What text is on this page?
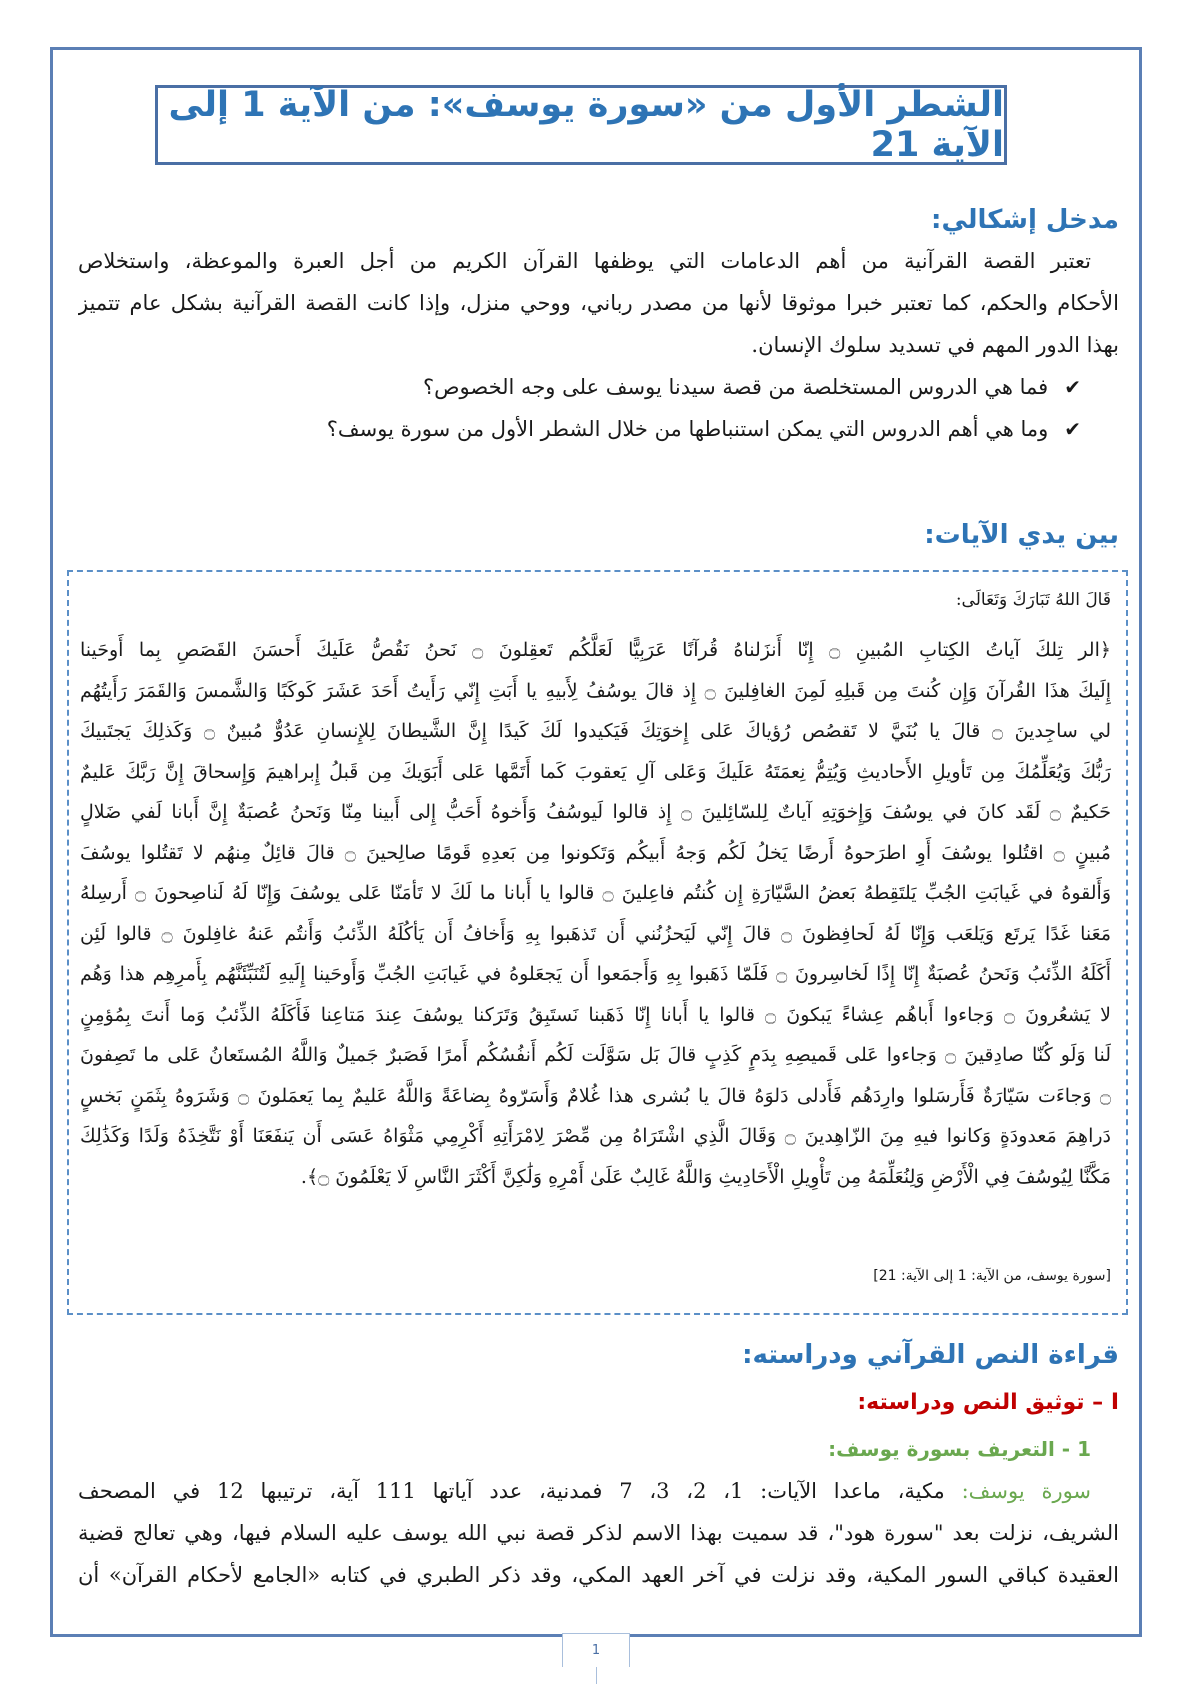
الشطر الأول من «سورة يوسف»: من الآية 1 إلى الآية 21
مدخل إشكالي:
تعتبر القصة القرآنية من أهم الدعامات التي يوظفها القرآن الكريم من أجل العبرة والموعظة، واستخلاص
الأحكام والحكم، كما تعتبر خبرا موثوقا لأنها من مصدر رباني، ووحي منزل، وإذا كانت القصة القرآنية بشكل عام تتميز
بهذا الدور المهم في تسديد سلوك الإنسان.
✔
فما هي الدروس المستخلصة من قصة سيدنا يوسف على وجه الخصوص؟
✔
وما هي أهم الدروس التي يمكن استنباطها من خلال الشطر الأول من سورة يوسف؟
بين يدي الآيات:
قَالَ اللهُ تَبَارَكَ وَتَعَالَى:
﴿الر تِلكَ آياتُ الكِتابِ المُبينِ ۝ إِنّا أَنزَلناهُ قُرآنًا عَرَبِيًّا لَعَلَّكُم تَعقِلونَ ۝ نَحنُ نَقُصُّ عَلَيكَ أَحسَنَ القَصَصِ بِما أَوحَينا
إِلَيكَ هذَا القُرآنَ وَإِن كُنتَ مِن قَبلِهِ لَمِنَ الغافِلينَ ۝ إِذ قالَ يوسُفُ لِأَبيهِ يا أَبَتِ إِنّي رَأَيتُ أَحَدَ عَشَرَ كَوكَبًا وَالشَّمسَ وَالقَمَرَ رَأَيتُهُم
لي ساجِدينَ ۝ قالَ يا بُنَيَّ لا تَقصُص رُؤياكَ عَلى إِخوَتِكَ فَيَكيدوا لَكَ كَيدًا إِنَّ الشَّيطانَ لِلإِنسانِ عَدُوٌّ مُبينٌ ۝ وَكَذلِكَ يَجتَبيكَ
رَبُّكَ وَيُعَلِّمُكَ مِن تَأويلِ الأَحاديثِ وَيُتِمُّ نِعمَتَهُ عَلَيكَ وَعَلى آلِ يَعقوبَ كَما أَتَمَّها عَلى أَبَوَيكَ مِن قَبلُ إِبراهيمَ وَإِسحاقَ إِنَّ رَبَّكَ عَليمٌ
حَكيمٌ ۝ لَقَد كانَ في يوسُفَ وَإِخوَتِهِ آياتٌ لِلسّائِلينَ ۝ إِذ قالوا لَيوسُفُ وَأَخوهُ أَحَبُّ إِلى أَبينا مِنّا وَنَحنُ عُصبَةٌ إِنَّ أَبانا لَفي ضَلالٍ
مُبينٍ ۝ اقتُلوا يوسُفَ أَوِ اطرَحوهُ أَرضًا يَخلُ لَكُم وَجهُ أَبيكُم وَتَكونوا مِن بَعدِهِ قَومًا صالِحينَ ۝ قالَ قائِلٌ مِنهُم لا تَقتُلوا يوسُفَ
وَأَلقوهُ في غَيابَتِ الجُبِّ يَلتَقِطهُ بَعضُ السَّيّارَةِ إِن كُنتُم فاعِلينَ ۝ قالوا يا أَبانا ما لَكَ لا تَأمَنّا عَلى يوسُفَ وَإِنّا لَهُ لَناصِحونَ ۝ أَرسِلهُ
مَعَنا غَدًا يَرتَع وَيَلعَب وَإِنّا لَهُ لَحافِظونَ ۝ قالَ إِنّي لَيَحزُنُني أَن تَذهَبوا بِهِ وَأَخافُ أَن يَأكُلَهُ الذِّئبُ وَأَنتُم عَنهُ غافِلونَ ۝ قالوا لَئِن
أَكَلَهُ الذِّئبُ وَنَحنُ عُصبَةٌ إِنّا إِذًا لَخاسِرونَ ۝ فَلَمّا ذَهَبوا بِهِ وَأَجمَعوا أَن يَجعَلوهُ في غَيابَتِ الجُبِّ وَأَوحَينا إِلَيهِ لَتُنَبِّئَنَّهُم بِأَمرِهِم هذا وَهُم
لا يَشعُرونَ ۝ وَجاءوا أَباهُم عِشاءً يَبكونَ ۝ قالوا يا أَبانا إِنّا ذَهَبنا نَستَبِقُ وَتَرَكنا يوسُفَ عِندَ مَتاعِنا فَأَكَلَهُ الذِّئبُ وَما أَنتَ بِمُؤمِنٍ
لَنا وَلَو كُنّا صادِقينَ ۝ وَجاءوا عَلى قَميصِهِ بِدَمٍ كَذِبٍ قالَ بَل سَوَّلَت لَكُم أَنفُسُكُم أَمرًا فَصَبرٌ جَميلٌ وَاللَّهُ المُستَعانُ عَلى ما تَصِفونَ
۝ وَجاءَت سَيّارَةٌ فَأَرسَلوا وارِدَهُم فَأَدلى دَلوَهُ قالَ يا بُشرى هذا غُلامٌ وَأَسَرّوهُ بِضاعَةً وَاللَّهُ عَليمٌ بِما يَعمَلونَ ۝ وَشَرَوهُ بِثَمَنٍ بَخسٍ
دَراهِمَ مَعدودَةٍ وَكانوا فيهِ مِنَ الزّاهِدينَ ۝ وَقَالَ الَّذِي اشْتَرَاهُ مِن مِّصْرَ لِامْرَأَتِهِ أَكْرِمِي مَثْوَاهُ عَسَى أَن يَنفَعَنَا أَوْ نَتَّخِذَهُ وَلَدًا وَكَذَٰلِكَ
مَكَّنَّا لِيُوسُفَ فِي الْأَرْضِ وَلِنُعَلِّمَهُ مِن تَأْوِيلِ الْأَحَادِيثِ وَاللَّهُ غَالِبٌ عَلَىٰ أَمْرِهِ وَلَٰكِنَّ أَكْثَرَ النَّاسِ لَا يَعْلَمُونَ ۝﴾.
[سورة يوسف، من الآية: 1 إلى الآية: 21]
قراءة النص القرآني ودراسته:
I – توثيق النص ودراسته:
1 - التعريف بسورة يوسف:
سورة يوسف: مكية، ماعدا الآيات: 1، 2، 3، 7 فمدنية، عدد آياتها 111 آية، ترتيبها 12 في المصحف
الشريف، نزلت بعد "سورة هود"، قد سميت بهذا الاسم لذكر قصة نبي الله يوسف عليه السلام فيها، وهي تعالج قضية
العقيدة كباقي السور المكية، وقد نزلت في آخر العهد المكي، وقد ذكر الطبري في كتابه «الجامع لأحكام القرآن» أن
1
